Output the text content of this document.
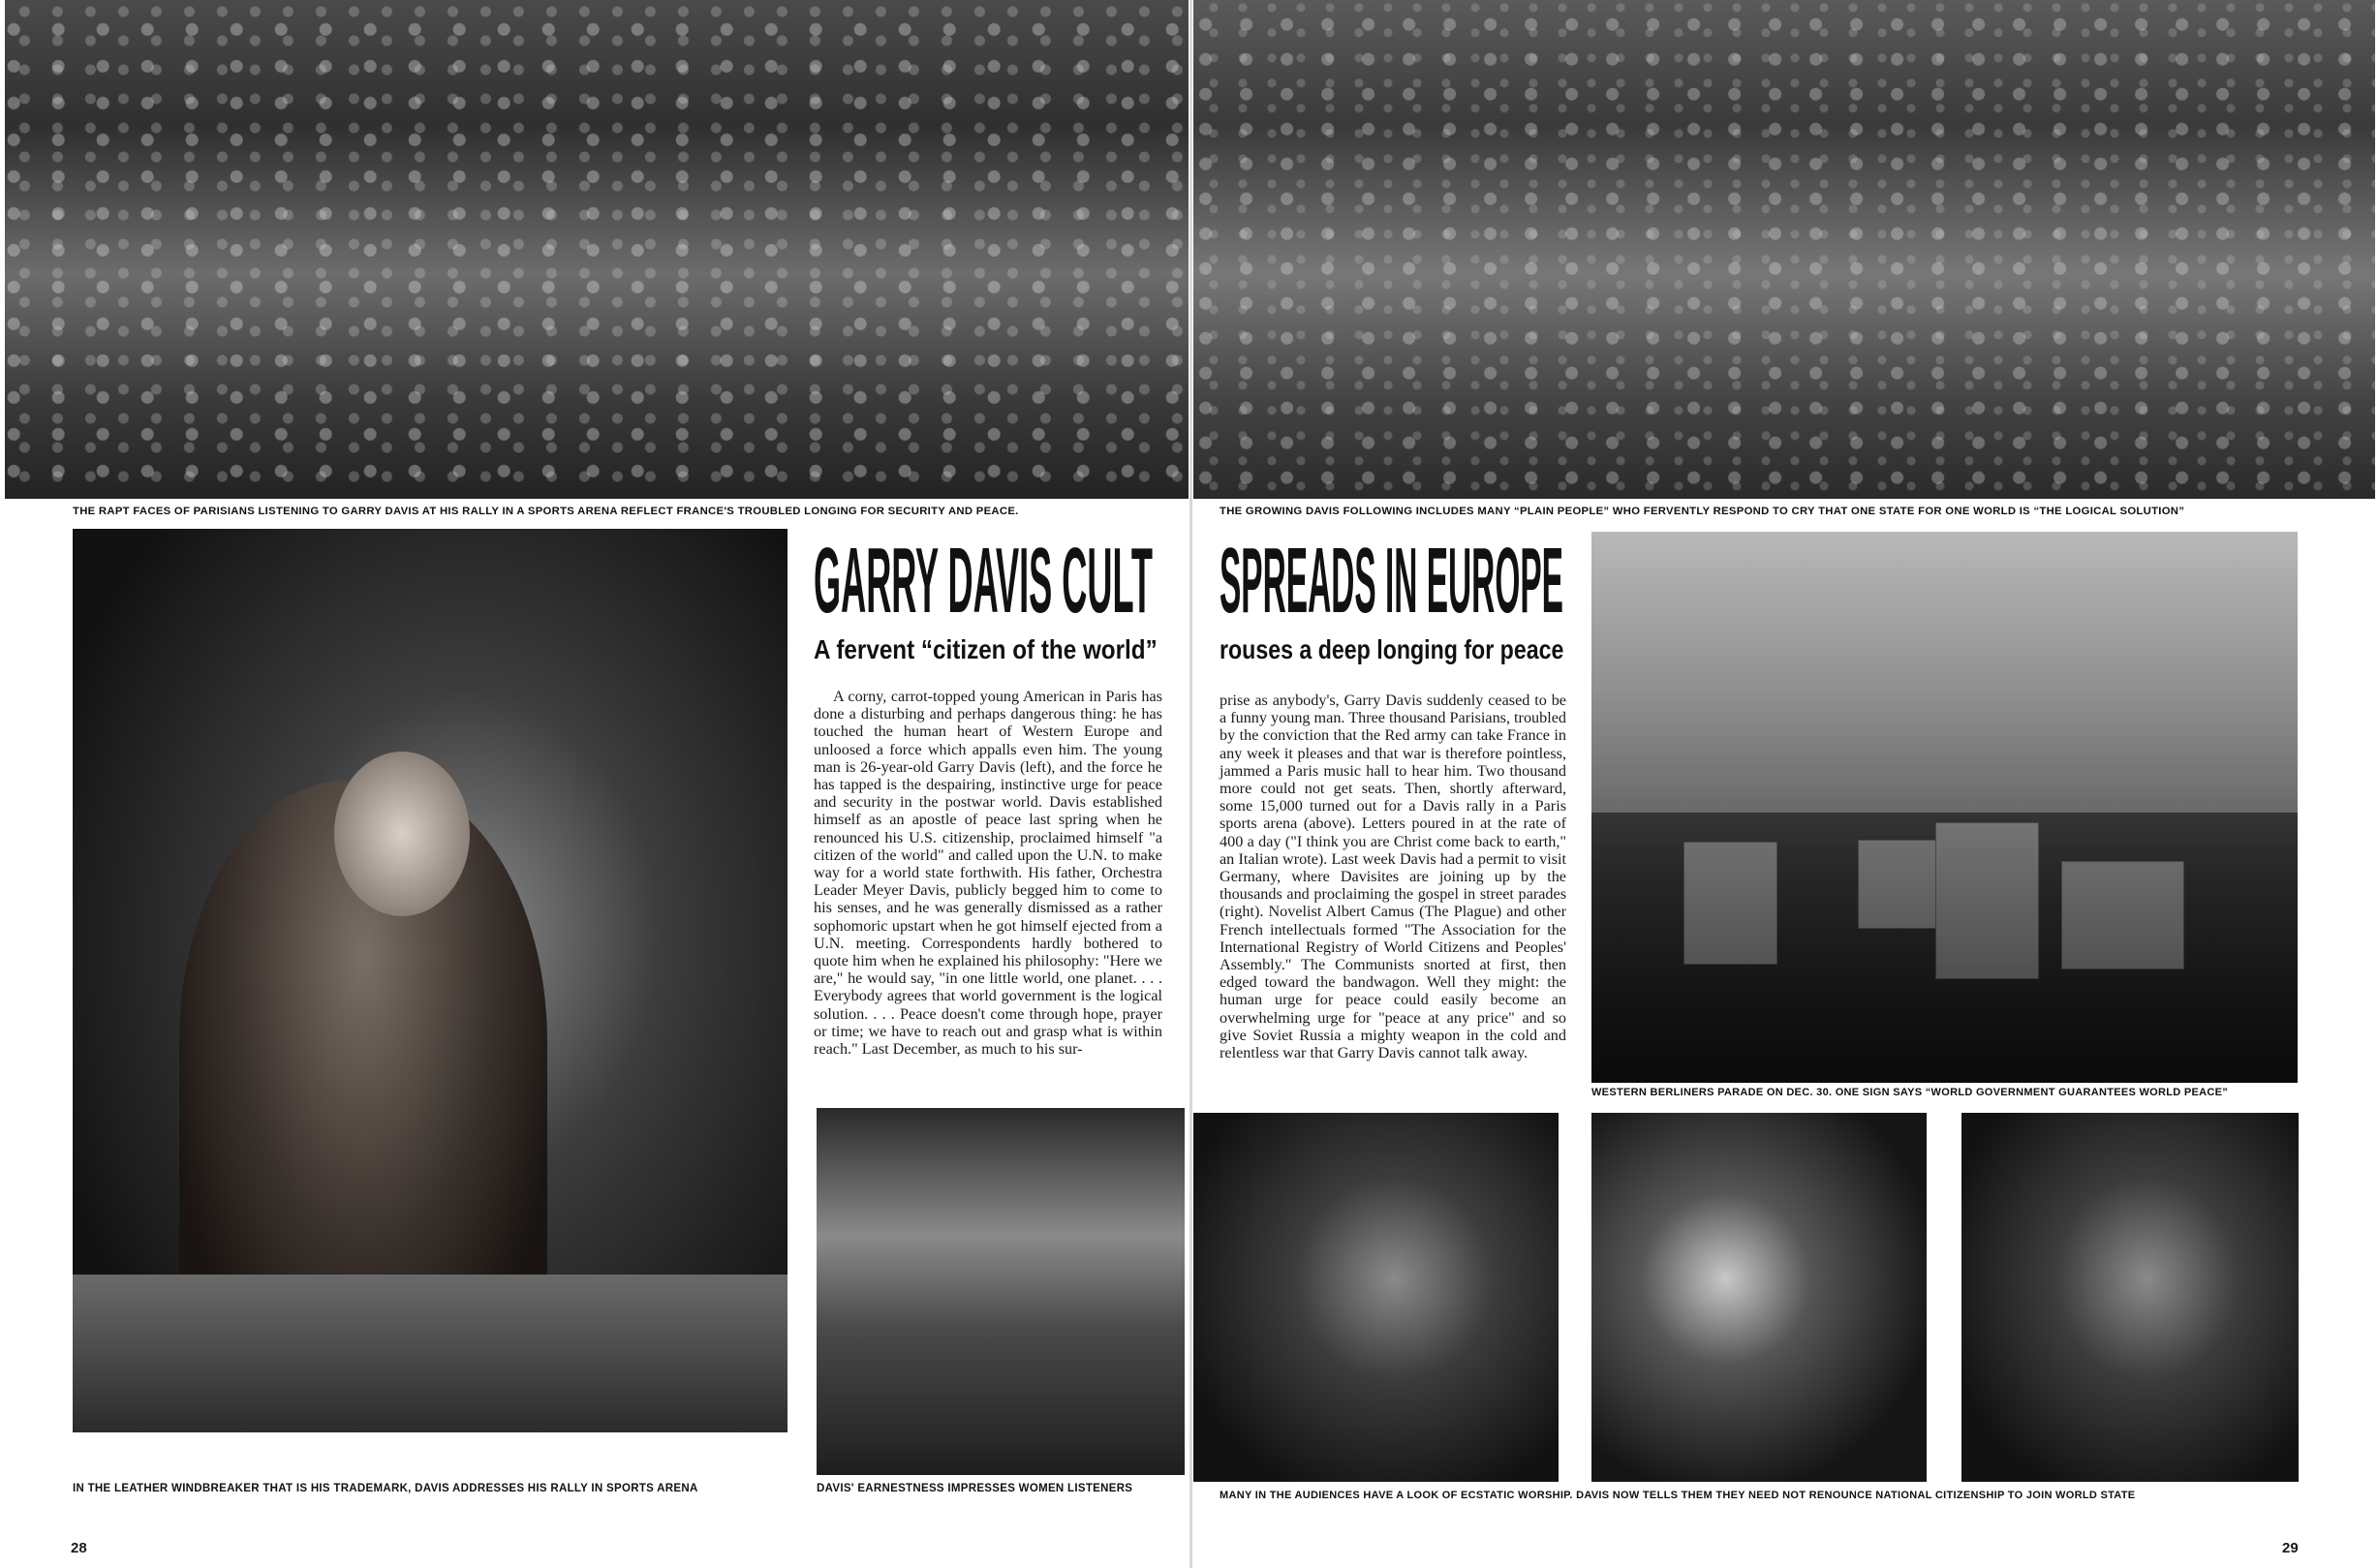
THE RAPT FACES OF PARISIANS LISTENING TO GARRY DAVIS AT HIS RALLY IN A SPORTS ARENA REFLECT FRANCE'S TROUBLED LONGING FOR SECURITY AND PEACE.
GARRY DAVIS CULT
A fervent “citizen of the world”

A corny, carrot-topped young American in Paris has done a disturbing and perhaps dangerous thing: he has touched the human heart of Western Europe and unloosed a force which appalls even him. The young man is 26-year-old Garry Davis (left), and the force he has tapped is the despairing, instinctive urge for peace and security in the postwar world. Davis established himself as an apostle of peace last spring when he renounced his U.S. citizenship, proclaimed himself "a citizen of the world" and called upon the U.N. to make way for a world state forthwith. His father, Orchestra Leader Meyer Davis, publicly begged him to come to his senses, and he was generally dismissed as a rather sophomoric upstart when he got himself ejected from a U.N. meeting. Correspondents hardly bothered to quote him when he explained his philosophy: "Here we are," he would say, "in one little world, one planet. . . . Everybody agrees that world government is the logical solution. . . . Peace doesn't come through hope, prayer or time; we have to reach out and grasp what is within reach." Last December, as much to his sur-

IN THE LEATHER WINDBREAKER THAT IS HIS TRADEMARK, DAVIS ADDRESSES HIS RALLY IN SPORTS ARENA	DAVIS' EARNESTNESS IMPRESSES WOMEN LISTENERS
28
THE GROWING DAVIS FOLLOWING INCLUDES MANY “PLAIN PEOPLE” WHO FERVENTLY RESPOND TO CRY THAT ONE STATE FOR ONE WORLD IS “THE LOGICAL SOLUTION”
SPREADS IN EUROPE
rouses a deep longing for peace

prise as anybody's, Garry Davis suddenly ceased to be a funny young man. Three thousand Parisians, troubled by the conviction that the Red army can take France in any week it pleases and that war is therefore pointless, jammed a Paris music hall to hear him. Two thousand more could not get seats. Then, shortly afterward, some 15,000 turned out for a Davis rally in a Paris sports arena (above). Letters poured in at the rate of 400 a day ("I think you are Christ come back to earth," an Italian wrote). Last week Davis had a permit to visit Germany, where Davisites are joining up by the thousands and proclaiming the gospel in street parades (right). Novelist Albert Camus (The Plague) and other French intellectuals formed "The Association for the International Registry of World Citizens and Peoples' Assembly." The Communists snorted at first, then edged toward the bandwagon. Well they might: the human urge for peace could easily become an overwhelming urge for "peace at any price" and so give Soviet Russia a mighty weapon in the cold and relentless war that Garry Davis cannot talk away.

WESTERN BERLINERS PARADE ON DEC. 30. ONE SIGN SAYS “WORLD GOVERNMENT GUARANTEES WORLD PEACE”
MANY IN THE AUDIENCES HAVE A LOOK OF ECSTATIC WORSHIP. DAVIS NOW TELLS THEM THEY NEED NOT RENOUNCE NATIONAL CITIZENSHIP TO JOIN WORLD STATE
29
